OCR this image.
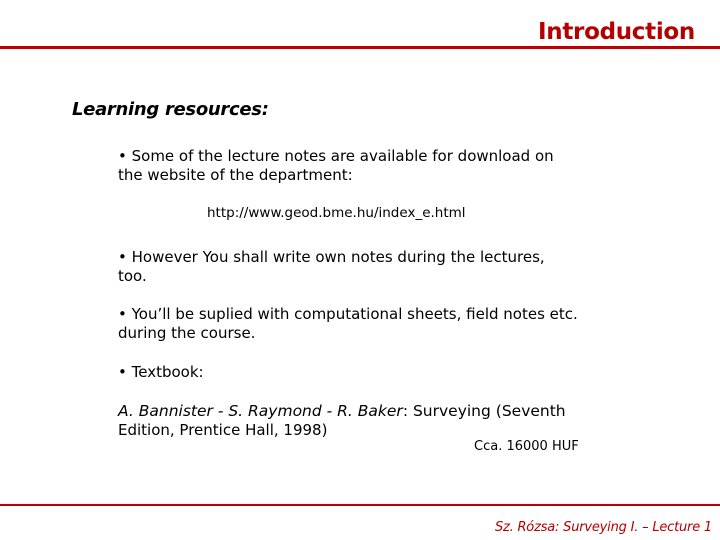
Introduction
Learning resources:
• Some of the lecture notes are available for download on
the website of the department:
http://www.geod.bme.hu/index_e.html
• However You shall write own notes during the lectures,
too.
• You’ll be suplied with computational sheets, field notes etc.
during the course.
• Textbook:
A. Bannister - S. Raymond - R. Baker: Surveying (Seventh
Edition, Prentice Hall, 1998)
Cca. 16000 HUF
Sz. Rózsa: Surveying I. – Lecture 1
